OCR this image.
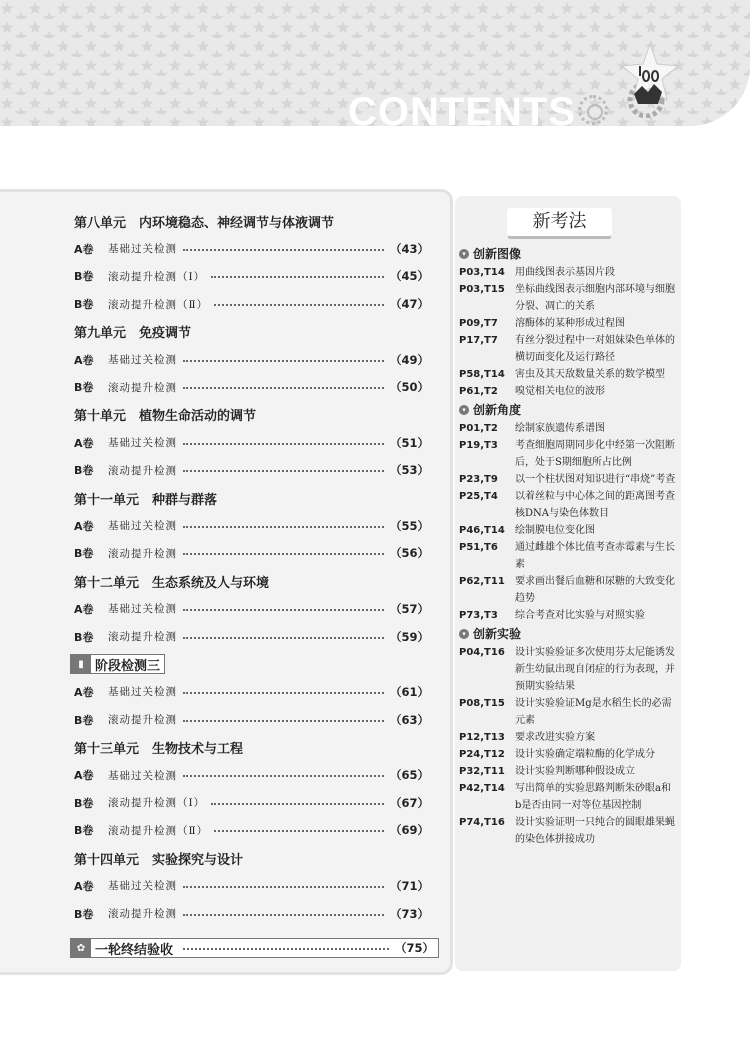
CONTENTS
第八单元　内环境稳态、神经调节与体液调节
A卷	基础过关检测	（43）
B卷	滚动提升检测（Ⅰ）	（45）
B卷	滚动提升检测（Ⅱ）	（47）
第九单元　免疫调节
A卷	基础过关检测	（49）
B卷	滚动提升检测	（50）
第十单元　植物生命活动的调节
A卷	基础过关检测	（51）
B卷	滚动提升检测	（53）
第十一单元　种群与群落
A卷	基础过关检测	（55）
B卷	滚动提升检测	（56）
第十二单元　生态系统及人与环境
A卷	基础过关检测	（57）
B卷	滚动提升检测	（59）
▮ 阶段检测三
A卷	基础过关检测	（61）
B卷	滚动提升检测	（63）
第十三单元　生物技术与工程
A卷	基础过关检测	（65）
B卷	滚动提升检测（Ⅰ）	（67）
B卷	滚动提升检测（Ⅱ）	（69）
第十四单元　实验探究与设计
A卷	基础过关检测	（71）
B卷	滚动提升检测	（73）
✿ 一轮终结验收	（75）
新考法
▾ 创新图像
P03,T14	用曲线图表示基因片段
P03,T15	坐标曲线图表示细胞内部环境与细胞分裂、凋亡的关系
P09,T7	溶酶体的某种形成过程图
P17,T7	有丝分裂过程中一对姐妹染色单体的横切面变化及运行路径
P58,T14	害虫及其天敌数量关系的数学模型
P61,T2	嗅觉相关电位的波形
▾ 创新角度
P01,T2	绘制家族遗传系谱图
P19,T3	考查细胞周期同步化中经第一次阻断后，处于S期细胞所占比例
P23,T9	以一个柱状图对知识进行“串烧”考查
P25,T4	以着丝粒与中心体之间的距离图考查核DNA与染色体数目
P46,T14	绘制膜电位变化图
P51,T6	通过雌雄个体比值考查赤霉素与生长素
P62,T11	要求画出餐后血糖和尿糖的大致变化趋势
P73,T3	综合考查对比实验与对照实验
▾ 创新实验
P04,T16	设计实验验证多次使用芬太尼能诱发新生幼鼠出现自闭症的行为表现，并预期实验结果
P08,T15	设计实验验证Mg是水稻生长的必需元素
P12,T13	要求改进实验方案
P24,T12	设计实验确定端粒酶的化学成分
P32,T11	设计实验判断哪种假设成立
P42,T14	写出简单的实验思路判断朱砂眼a和b是否由同一对等位基因控制
P74,T16	设计实验证明一只纯合的圆眼雄果蝇的染色体拼接成功
